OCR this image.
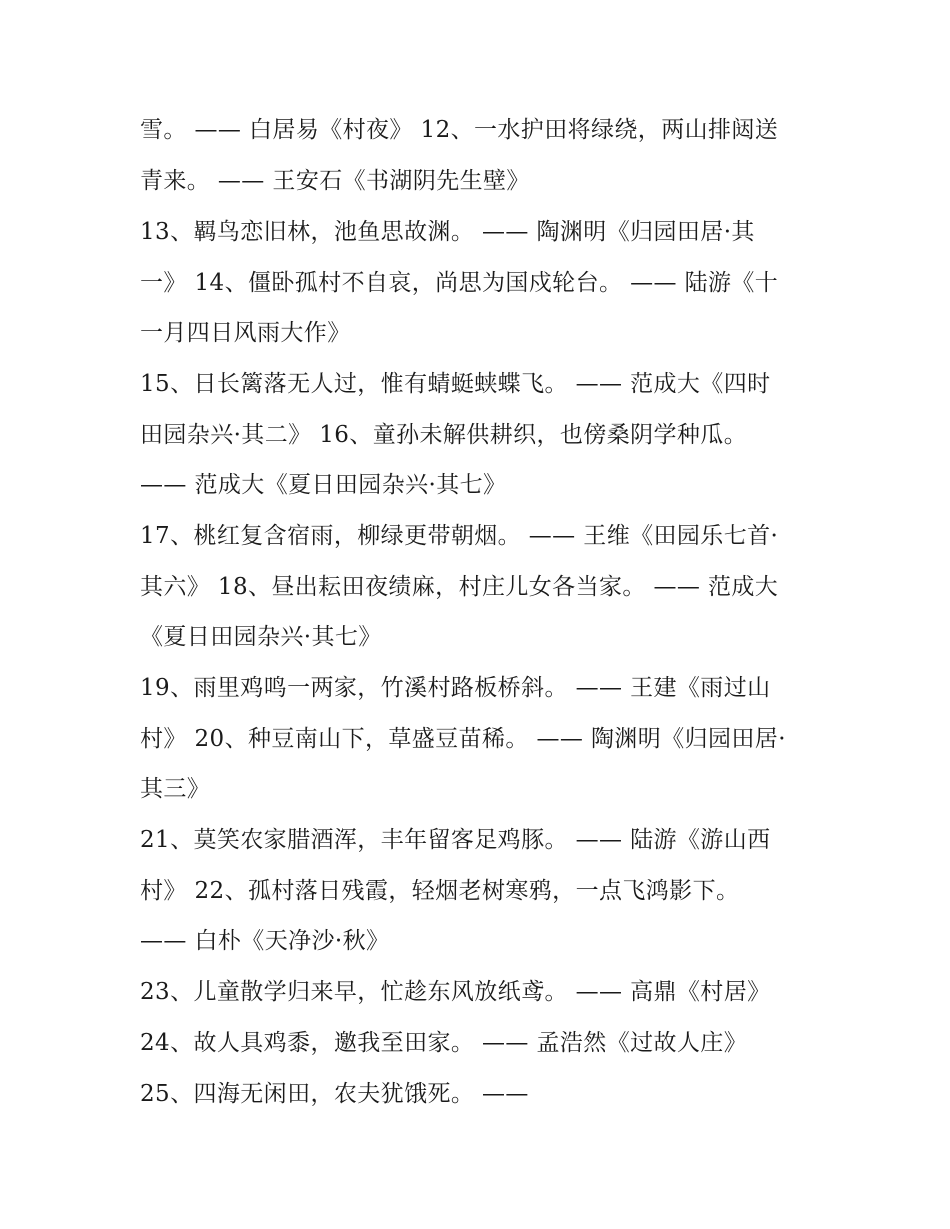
雪。 —— 白居易《村夜》 12、一水护田将绿绕，两山排闼送
青来。 —— 王安石《书湖阴先生壁》
13、羁鸟恋旧林，池鱼思故渊。 —— 陶渊明《归园田居·其
一》 14、僵卧孤村不自哀，尚思为国戍轮台。 —— 陆游《十
一月四日风雨大作》
15、日长篱落无人过，惟有蜻蜓蛱蝶飞。 —— 范成大《四时
田园杂兴·其二》 16、童孙未解供耕织，也傍桑阴学种瓜。
—— 范成大《夏日田园杂兴·其七》
17、桃红复含宿雨，柳绿更带朝烟。 —— 王维《田园乐七首·
其六》 18、昼出耘田夜绩麻，村庄儿女各当家。 —— 范成大
《夏日田园杂兴·其七》
19、雨里鸡鸣一两家，竹溪村路板桥斜。 —— 王建《雨过山
村》 20、种豆南山下，草盛豆苗稀。 —— 陶渊明《归园田居·
其三》
21、莫笑农家腊酒浑，丰年留客足鸡豚。 —— 陆游《游山西
村》 22、孤村落日残霞，轻烟老树寒鸦，一点飞鸿影下。
—— 白朴《天净沙·秋》
23、儿童散学归来早，忙趁东风放纸鸢。 —— 高鼎《村居》
24、故人具鸡黍，邀我至田家。 —— 孟浩然《过故人庄》
25、四海无闲田，农夫犹饿死。 ——
